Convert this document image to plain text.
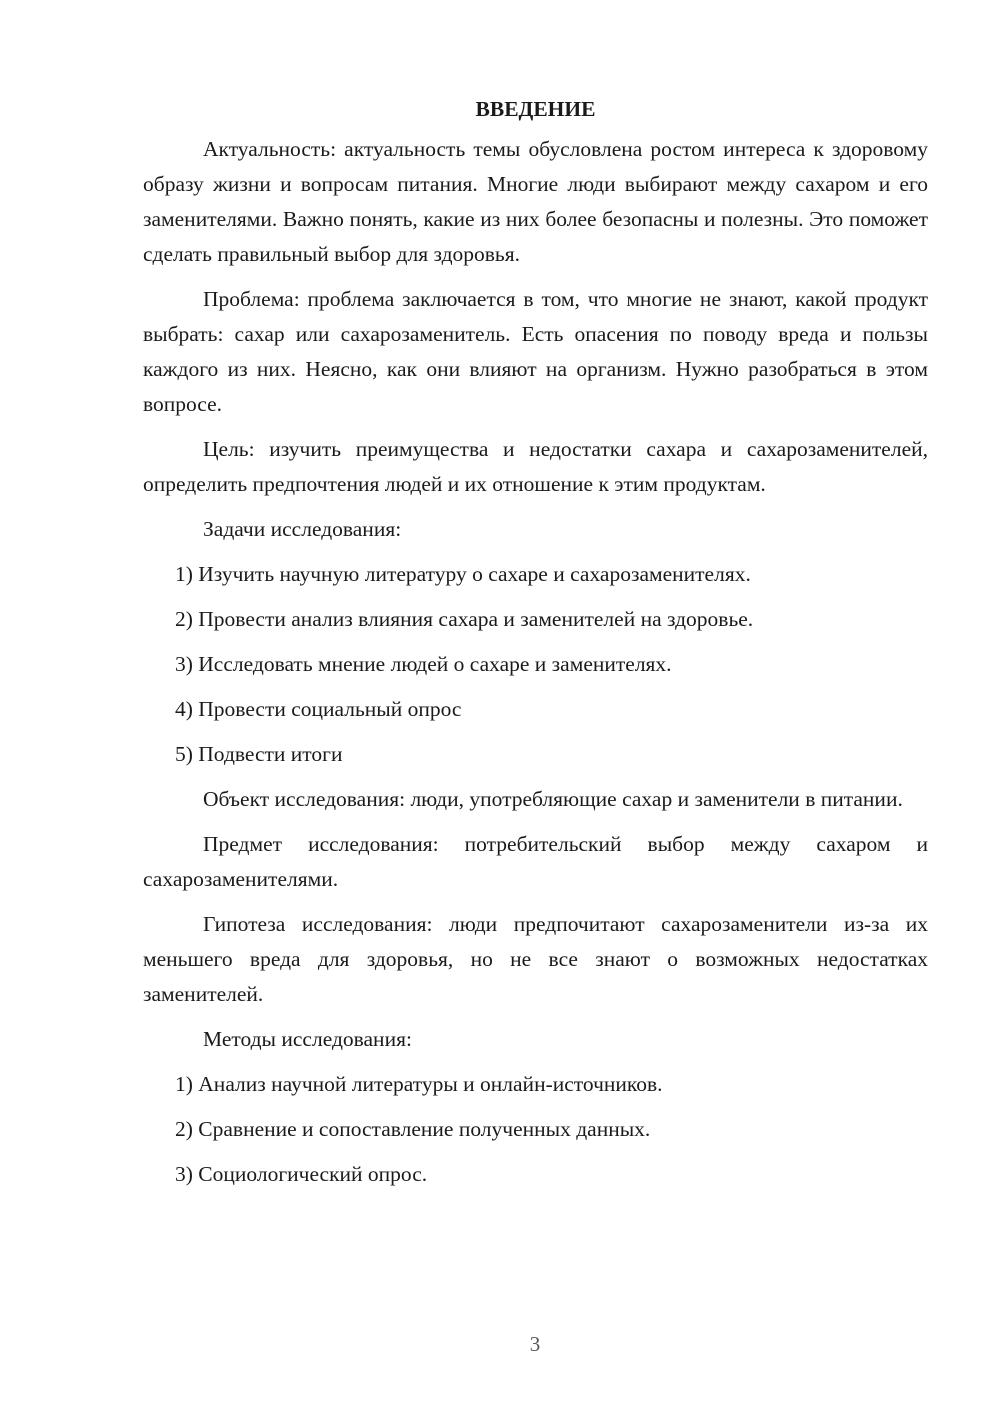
ВВЕДЕНИЕ

Актуальность: актуальность темы обусловлена ростом интереса к здоровому образу жизни и вопросам питания. Многие люди выбирают между сахаром и его заменителями. Важно понять, какие из них более безопасны и полезны. Это поможет сделать правильный выбор для здоровья.

Проблема: проблема заключается в том, что многие не знают, какой продукт выбрать: сахар или сахарозаменитель. Есть опасения по поводу вреда и пользы каждого из них. Неясно, как они влияют на организм. Нужно разобраться в этом вопросе.

Цель: изучить преимущества и недостатки сахара и сахарозаменителей, определить предпочтения людей и их отношение к этим продуктам.

Задачи исследования:

1) Изучить научную литературу о сахаре и сахарозаменителях.

2) Провести анализ влияния сахара и заменителей на здоровье.

3) Исследовать мнение людей о сахаре и заменителях.

4) Провести социальный опрос

5) Подвести итоги

Объект исследования: люди, употребляющие сахар и заменители в питании.

Предмет исследования: потребительский выбор между сахаром и сахарозаменителями.

Гипотеза исследования: люди предпочитают сахарозаменители из-за их меньшего вреда для здоровья, но не все знают о возможных недостатках заменителей.

Методы исследования:

1) Анализ научной литературы и онлайн-источников.

2) Сравнение и сопоставление полученных данных.

3) Социологический опрос.

3
